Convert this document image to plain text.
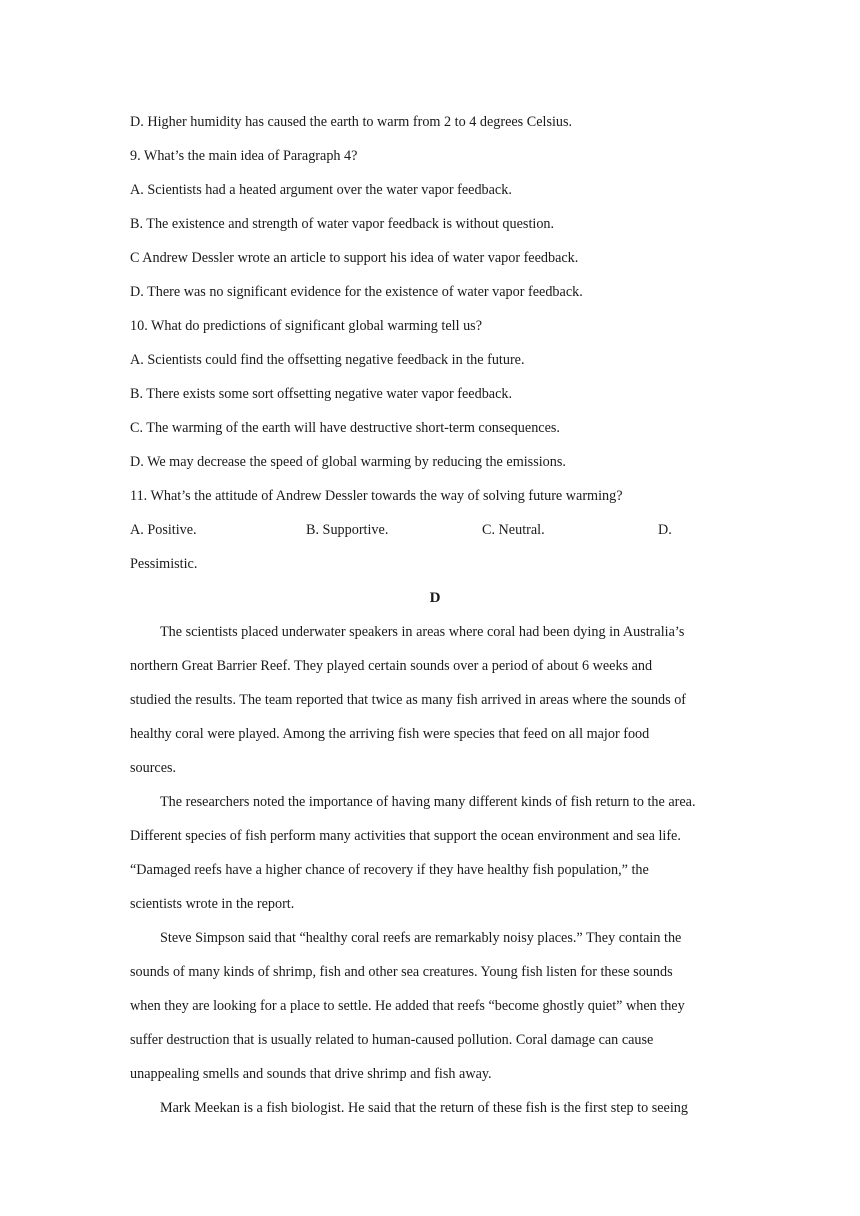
D. Higher humidity has caused the earth to warm from 2 to 4 degrees Celsius.
9. What’s the main idea of Paragraph 4?
A. Scientists had a heated argument over the water vapor feedback.
B. The existence and strength of water vapor feedback is without question.
C Andrew Dessler wrote an article to support his idea of water vapor feedback.
D. There was no significant evidence for the existence of water vapor feedback.
10. What do predictions of significant global warming tell us?
A. Scientists could find the offsetting negative feedback in the future.
B. There exists some sort offsetting negative water vapor feedback.
C. The warming of the earth will have destructive short-term consequences.
D. We may decrease the speed of global warming by reducing the emissions.
11. What’s the attitude of Andrew Dessler towards the way of solving future warming?
A. Positive.	B. Supportive.	C. Neutral.	D.
Pessimistic.
D
The scientists placed underwater speakers in areas where coral had been dying in Australia’s
northern Great Barrier Reef. They played certain sounds over a period of about 6 weeks and
studied the results. The team reported that twice as many fish arrived in areas where the sounds of
healthy coral were played. Among the arriving fish were species that feed on all major food
sources.
The researchers noted the importance of having many different kinds of fish return to the area.
Different species of fish perform many activities that support the ocean environment and sea life.
“Damaged reefs have a higher chance of recovery if they have healthy fish population,” the
scientists wrote in the report.
Steve Simpson said that “healthy coral reefs are remarkably noisy places.” They contain the
sounds of many kinds of shrimp, fish and other sea creatures. Young fish listen for these sounds
when they are looking for a place to settle. He added that reefs “become ghostly quiet” when they
suffer destruction that is usually related to human-caused pollution. Coral damage can cause
unappealing smells and sounds that drive shrimp and fish away.
Mark Meekan is a fish biologist. He said that the return of these fish is the first step to seeing
